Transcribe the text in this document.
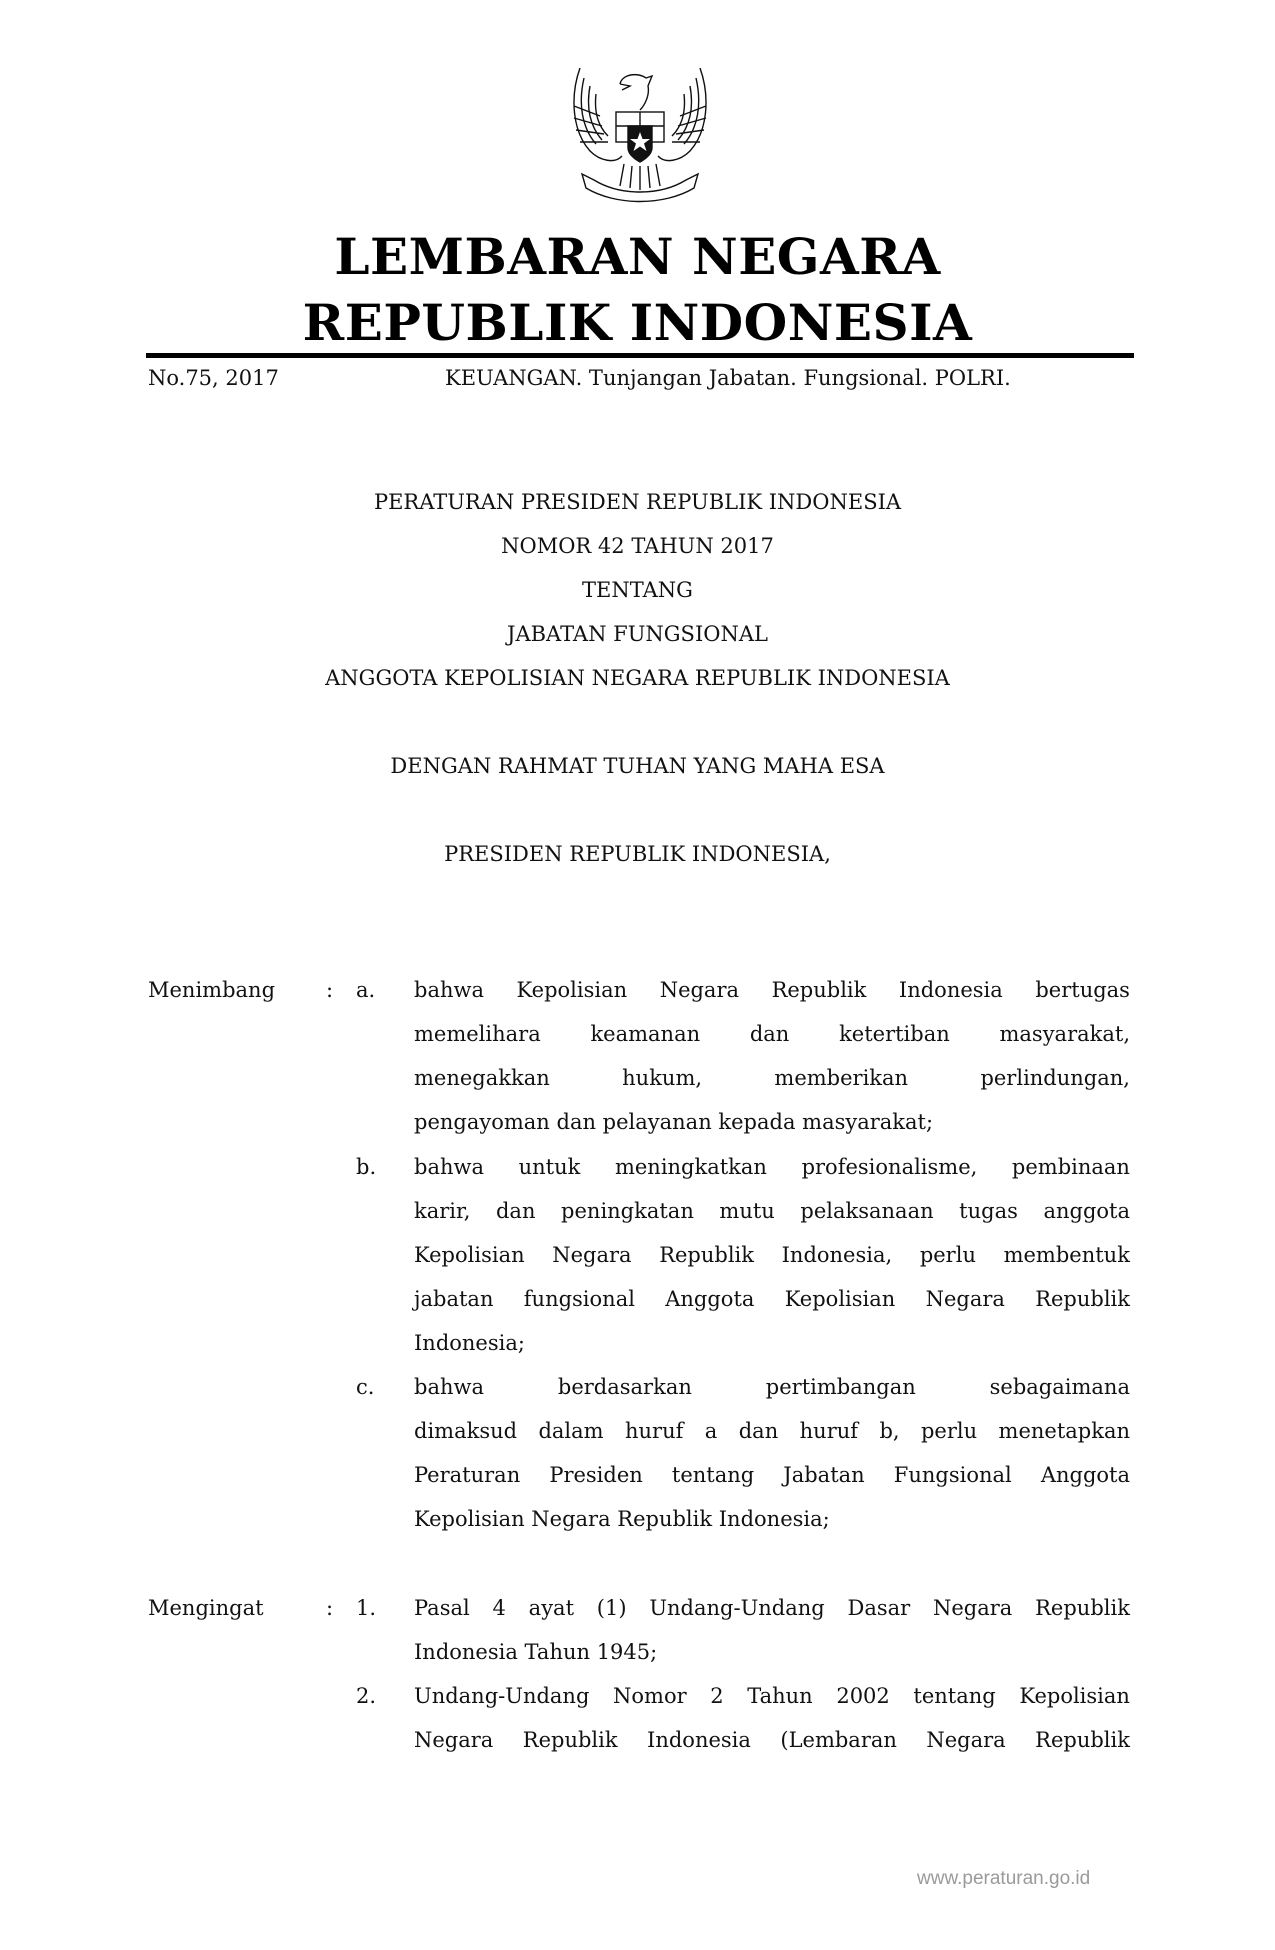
LEMBARAN NEGARA
REPUBLIK INDONESIA
No.75, 2017	KEUANGAN. Tunjangan Jabatan. Fungsional. POLRI.
PERATURAN PRESIDEN REPUBLIK INDONESIA
NOMOR 42 TAHUN 2017
TENTANG
JABATAN FUNGSIONAL
ANGGOTA KEPOLISIAN NEGARA REPUBLIK INDONESIA
DENGAN RAHMAT TUHAN YANG MAHA ESA
PRESIDEN REPUBLIK INDONESIA,
Menimbang : a. bahwa Kepolisian Negara Republik Indonesia bertugas
memelihara keamanan dan ketertiban masyarakat,
menegakkan	hukum,	memberikan	perlindungan,
pengayoman dan pelayanan kepada masyarakat;
b. bahwa untuk meningkatkan profesionalisme, pembinaan
karir, dan peningkatan mutu pelaksanaan tugas anggota
Kepolisian Negara Republik Indonesia, perlu membentuk
jabatan fungsional Anggota Kepolisian Negara Republik
Indonesia;
c. bahwa	berdasarkan	pertimbangan	sebagaimana
dimaksud dalam huruf a dan huruf b, perlu menetapkan
Peraturan Presiden tentang Jabatan Fungsional Anggota
Kepolisian Negara Republik Indonesia;
Mengingat	: 1. Pasal 4 ayat (1) Undang-Undang Dasar Negara Republik
Indonesia Tahun 1945;
2. Undang-Undang Nomor 2 Tahun 2002 tentang Kepolisian
Negara Republik Indonesia (Lembaran Negara Republik
www.peraturan.go.id
